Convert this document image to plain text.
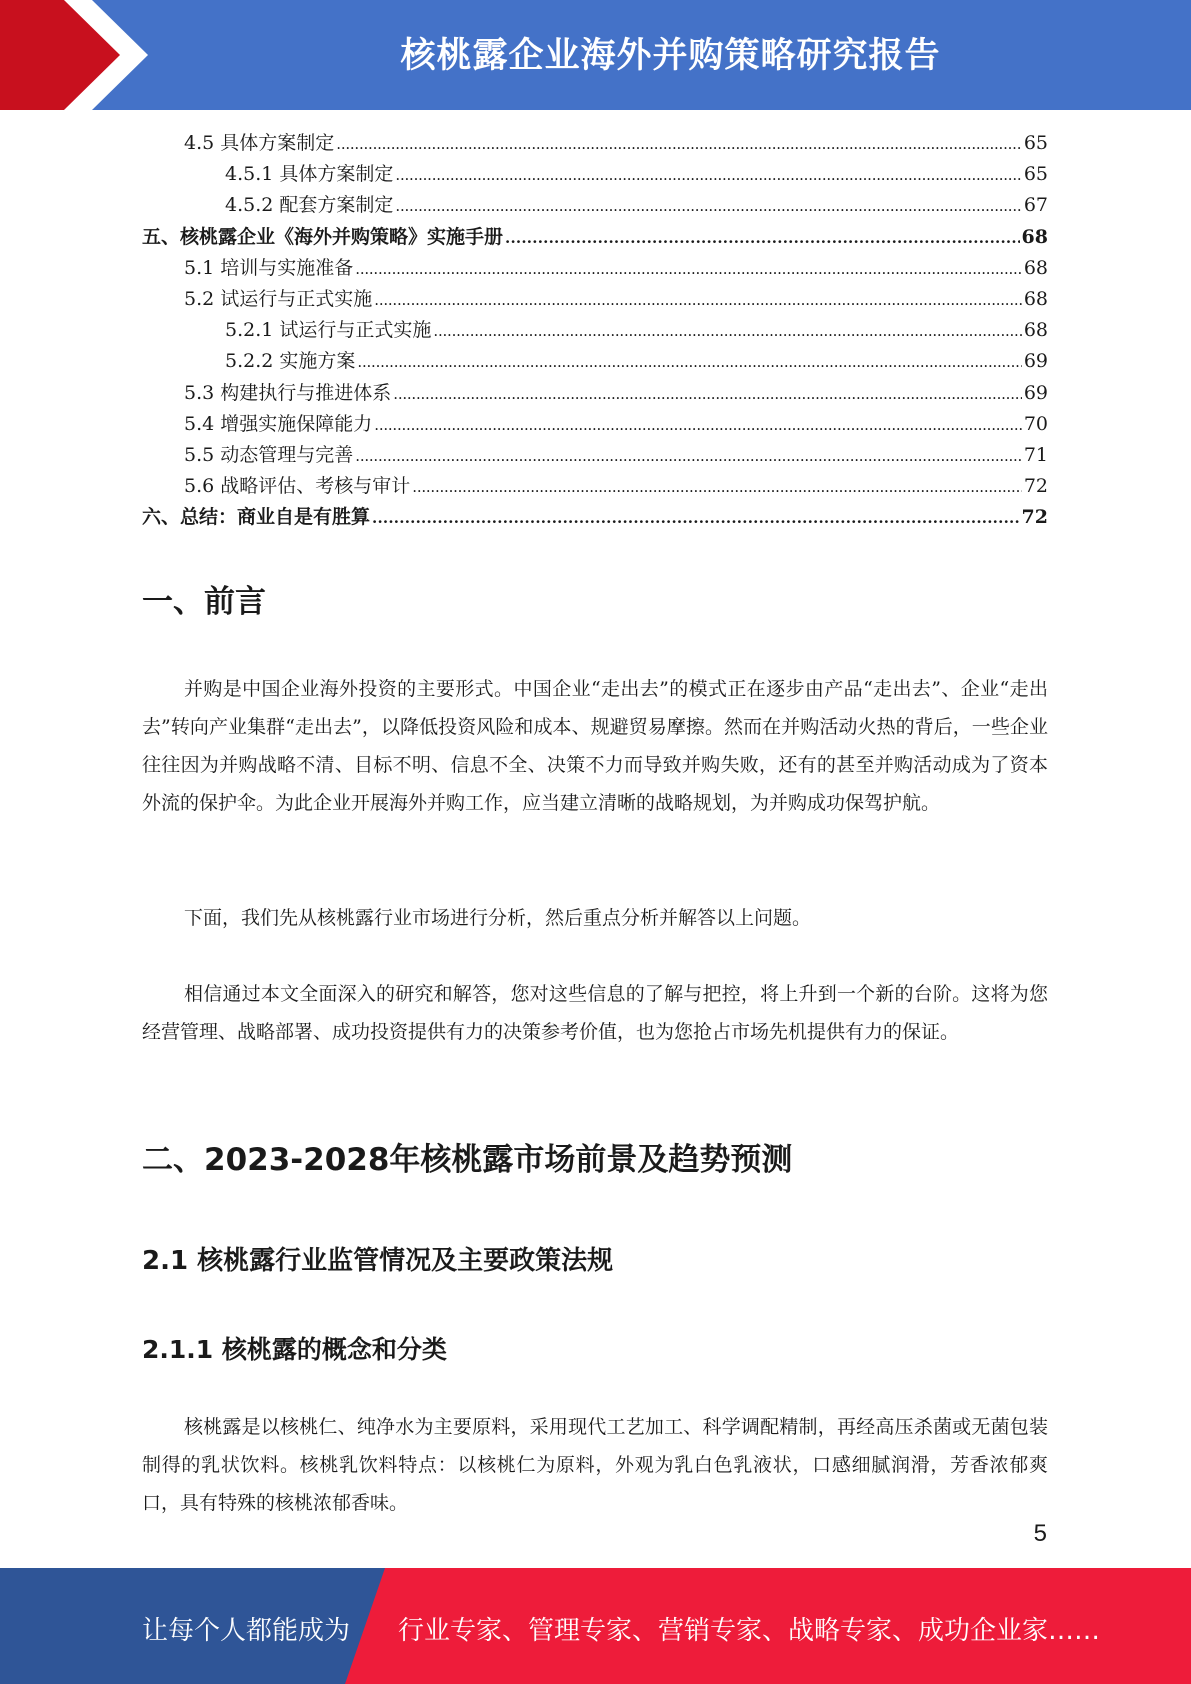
核桃露企业海外并购策略研究报告
4.5 具体方案制定 . . .	65
4.5.1 具体方案制定 . . .	65
4.5.2 配套方案制定 . . .	67
五、核桃露企业《海外并购策略》实施手册 . . .	68
5.1 培训与实施准备 . . .	68
5.2 试运行与正式实施 . . .	68
5.2.1 试运行与正式实施 . . .	68
5.2.2 实施方案 . . .	69
5.3 构建执行与推进体系 . . .	69
5.4 增强实施保障能力 . . .	70
5.5 动态管理与完善 . . .	71
5.6 战略评估、考核与审计 . . .	72
六、总结：商业自是有胜算 . . .	72
一、前言

并购是中国企业海外投资的主要形式。中国企业“走出去”的模式正在逐步由产品“走出去”、企业“走出去”转向产业集群“走出去”，以降低投资风险和成本、规避贸易摩擦。然而在并购活动火热的背后，一些企业往往因为并购战略不清、目标不明、信息不全、决策不力而导致并购失败，还有的甚至并购活动成为了资本外流的保护伞。为此企业开展海外并购工作，应当建立清晰的战略规划，为并购成功保驾护航。

下面，我们先从核桃露行业市场进行分析，然后重点分析并解答以上问题。

相信通过本文全面深入的研究和解答，您对这些信息的了解与把控，将上升到一个新的台阶。这将为您经营管理、战略部署、成功投资提供有力的决策参考价值，也为您抢占市场先机提供有力的保证。

二、2023-2028年核桃露市场前景及趋势预测
2.1 核桃露行业监管情况及主要政策法规
2.1.1 核桃露的概念和分类

核桃露是以核桃仁、纯净水为主要原料，采用现代工艺加工、科学调配精制，再经高压杀菌或无菌包装制得的乳状饮料。核桃乳饮料特点：以核桃仁为原料，外观为乳白色乳液状，口感细腻润滑，芳香浓郁爽口，具有特殊的核桃浓郁香味。

5
让每个人都能成为 行业专家、管理专家、营销专家、战略专家、成功企业家……
